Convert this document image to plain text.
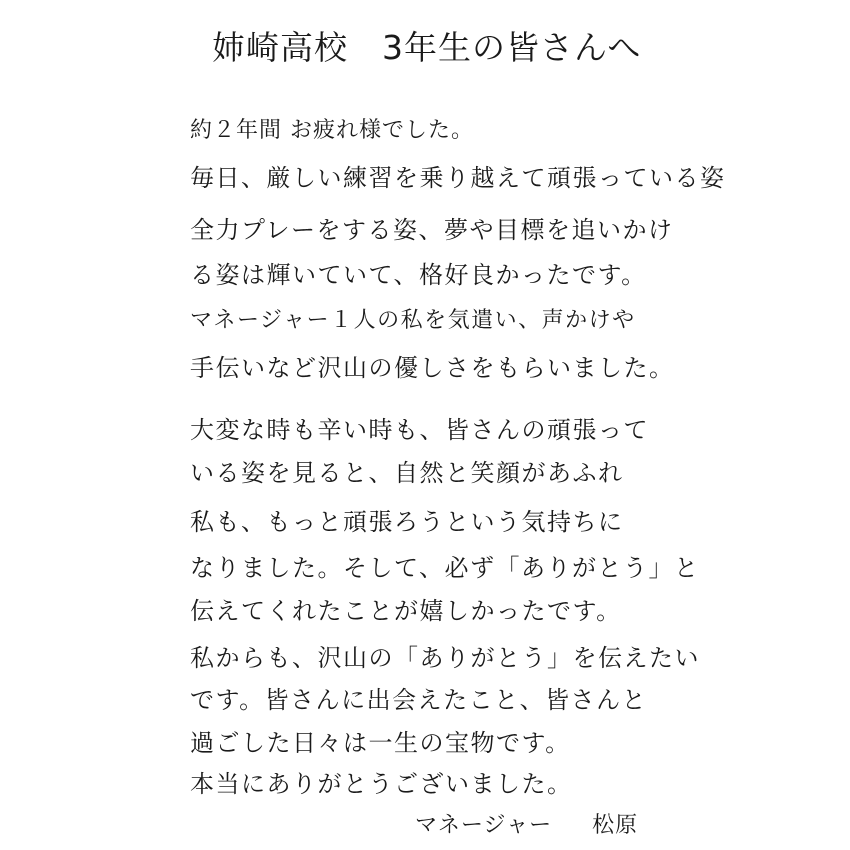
姉崎高校　3年生の皆さんへ
約２年間 お疲れ様でした。
毎日、厳しい練習を乗り越えて頑張っている姿
全力プレーをする姿、夢や目標を追いかけ
る姿は輝いていて、格好良かったです。
マネージャー１人の私を気遣い、声かけや
手伝いなど沢山の優しさをもらいました。
大変な時も辛い時も、皆さんの頑張って
いる姿を見ると、自然と笑顔があふれ
私も、もっと頑張ろうという気持ちに
なりました。そして、必ず「ありがとう」と
伝えてくれたことが嬉しかったです。
私からも、沢山の「ありがとう」を伝えたい
です。皆さんに出会えたこと、皆さんと
過ごした日々は一生の宝物です。
本当にありがとうございました。
マネージャー 松原
